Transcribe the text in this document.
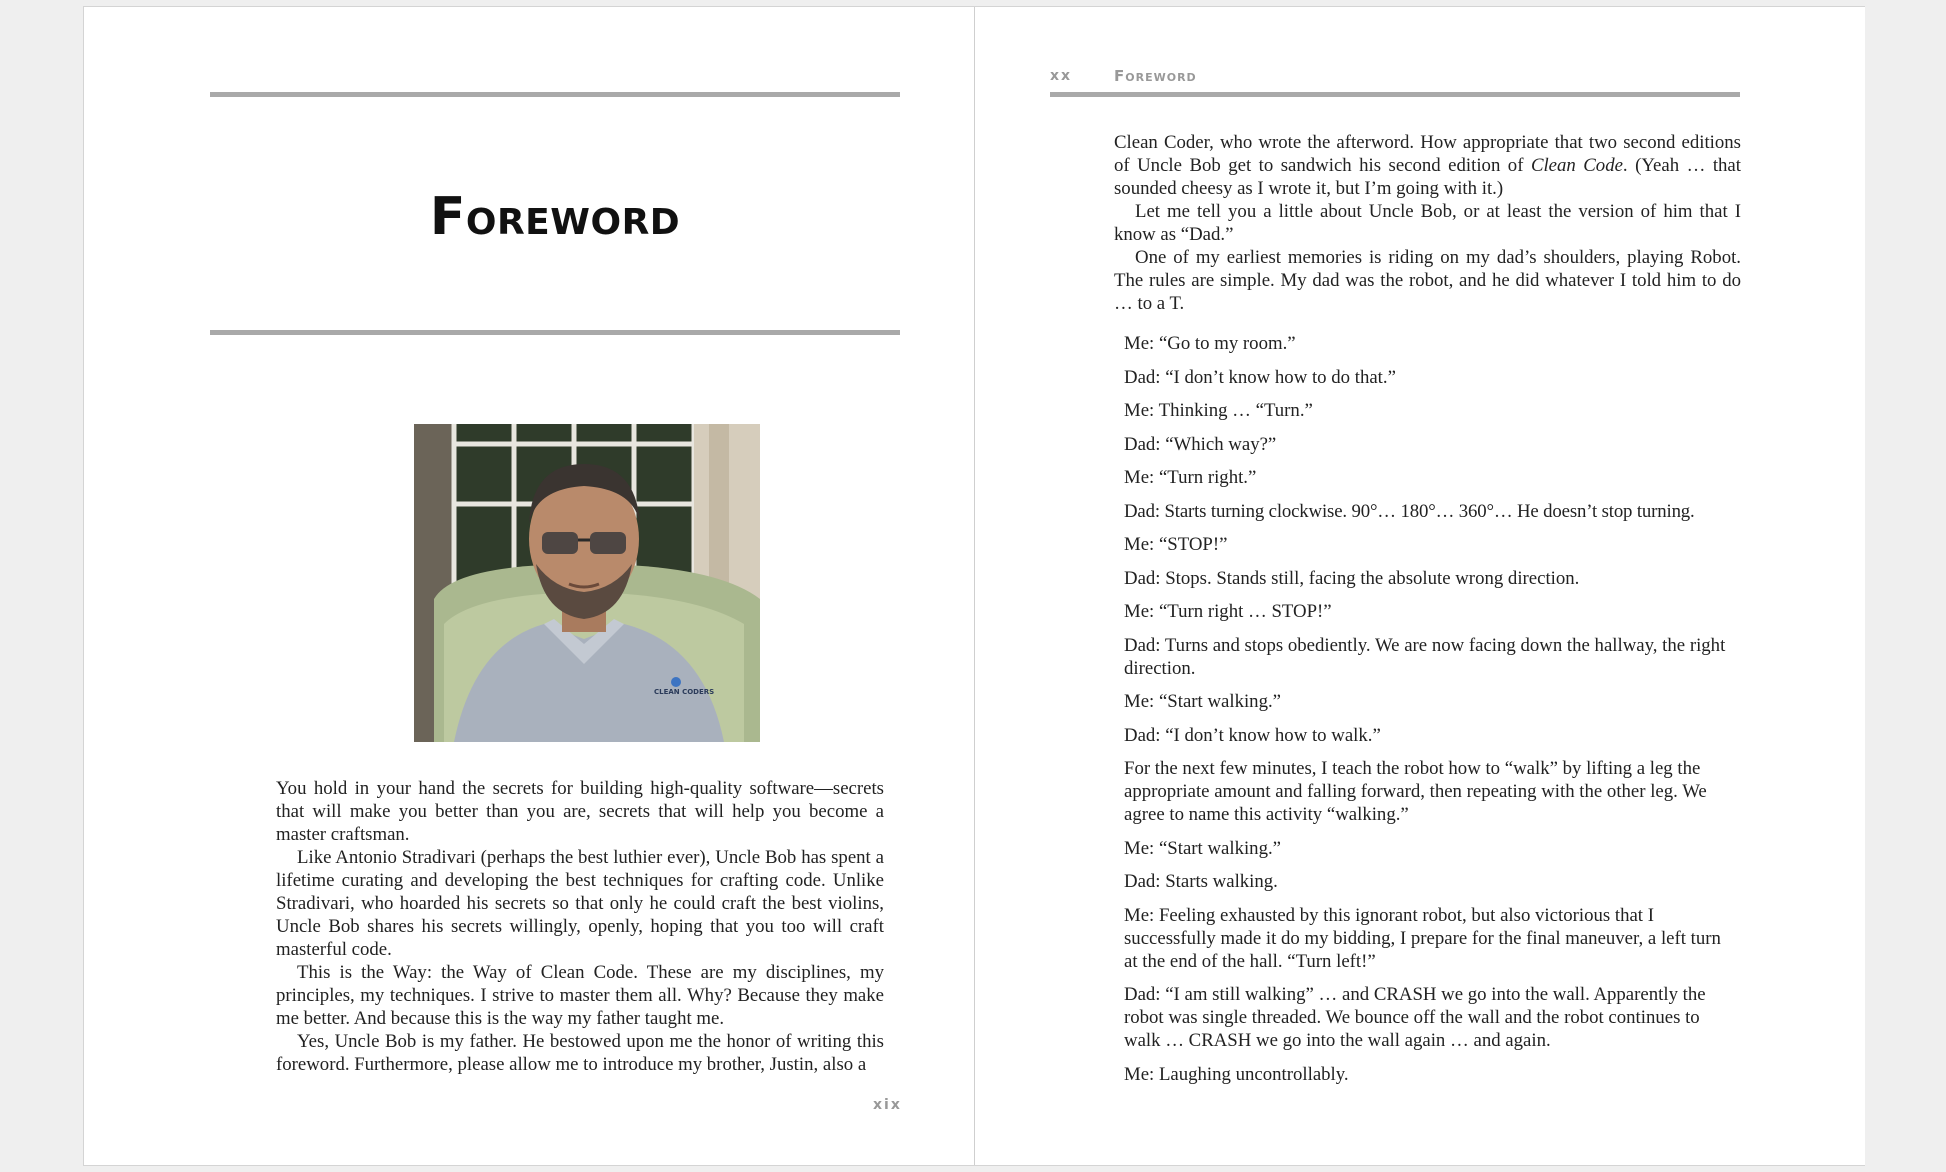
Foreword
CLEAN CODERS

You hold in your hand the secrets for building high-quality software—secrets that will make you better than you are, secrets that will help you become a master craftsman.

Like Antonio Stradivari (perhaps the best luthier ever), Uncle Bob has spent a lifetime curating and developing the best techniques for crafting code. Unlike Stradivari, who hoarded his secrets so that only he could craft the best violins, Uncle Bob shares his secrets willingly, openly, hoping that you too will craft masterful code.

This is the Way: the Way of Clean Code. These are my disciplines, my principles, my techniques. I strive to master them all. Why? Because they make me better. And because this is the way my father taught me.

Yes, Uncle Bob is my father. He bestowed upon me the honor of writing this foreword. Furthermore, please allow me to introduce my brother, Justin, also a

xix
xx	Foreword

Clean Coder, who wrote the afterword. How appropriate that two second editions of Uncle Bob get to sandwich his second edition of Clean Code. (Yeah … that sounded cheesy as I wrote it, but I’m going with it.)

Let me tell you a little about Uncle Bob, or at least the version of him that I know as “Dad.”

One of my earliest memories is riding on my dad’s shoulders, playing Robot. The rules are simple. My dad was the robot, and he did whatever I told him to do … to a T.

Me: “Go to my room.”

Dad: “I don’t know how to do that.”

Me: Thinking … “Turn.”

Dad: “Which way?”

Me: “Turn right.”

Dad: Starts turning clockwise. 90°… 180°… 360°… He doesn’t stop turning.

Me: “STOP!”

Dad: Stops. Stands still, facing the absolute wrong direction.

Me: “Turn right … STOP!”

Dad: Turns and stops obediently. We are now facing down the hallway, the right direction.

Me: “Start walking.”

Dad: “I don’t know how to walk.”

For the next few minutes, I teach the robot how to “walk” by lifting a leg the appropriate amount and falling forward, then repeating with the other leg. We agree to name this activity “walking.”

Me: “Start walking.”

Dad: Starts walking.

Me: Feeling exhausted by this ignorant robot, but also victorious that I successfully made it do my bidding, I prepare for the final maneuver, a left turn at the end of the hall. “Turn left!”

Dad: “I am still walking” … and CRASH we go into the wall. Apparently the robot was single threaded. We bounce off the wall and the robot continues to walk … CRASH we go into the wall again … and again.

Me: Laughing uncontrollably.
